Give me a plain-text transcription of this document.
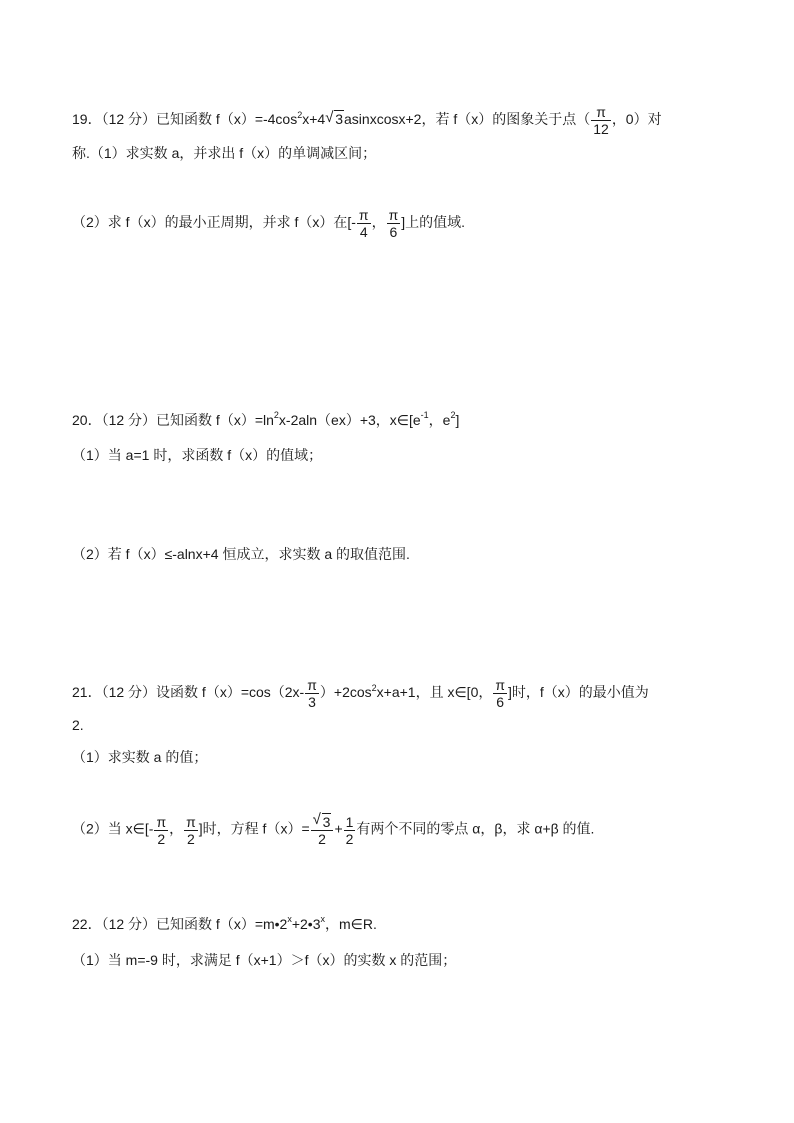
19．（12 分）已知函数 $f(x)=-4\cos^2x+4$ √ 3asinxcosx+2，若 f（x）的图象关于点（ $\frac{\pi}{12}$ ，0）对
称.（1）求实数 a，并求出 f（x）的单调减区间；
（2）求 f（x）的最小正周期，并求 f（x）在[- $\frac{\pi}{4}$ ， $\frac{\pi}{6}$ ]上的值域.
20．（12 分）已知函数 $f(x)=\ln^2x-2aln(ex)+3$，$x\in[e^{-1}$，$e^2$]
（1）当 a=1 时，求函数 f（x）的值域；
（2）若 f（x）≤-alnx+4 恒成立，求实数 a 的取值范围.
21．（12 分）设函数 $f(x)=\cos(2x- \frac{\pi}{3} )+2\cos^2x+a+1$，且 x∈[0， $\frac{\pi}{6}$ ]时，f（x）的最小值为
2.
（1）求实数 a 的值；
（2）当 x∈[- $\frac{\pi}{2}$ ， $\frac{\pi}{2}$ ]时，方程 $f(x)= \frac{√ 3}{2} + \frac{1}{2}$ 有两个不同的零点 α，β，求 α+β 的值.
22．（12 分）已知函数 $f(x)=m•2^x+2•3^x$，m∈R.
（1）当 m=-9 时，求满足 f（x+1）＞f（x）的实数 x 的范围；
